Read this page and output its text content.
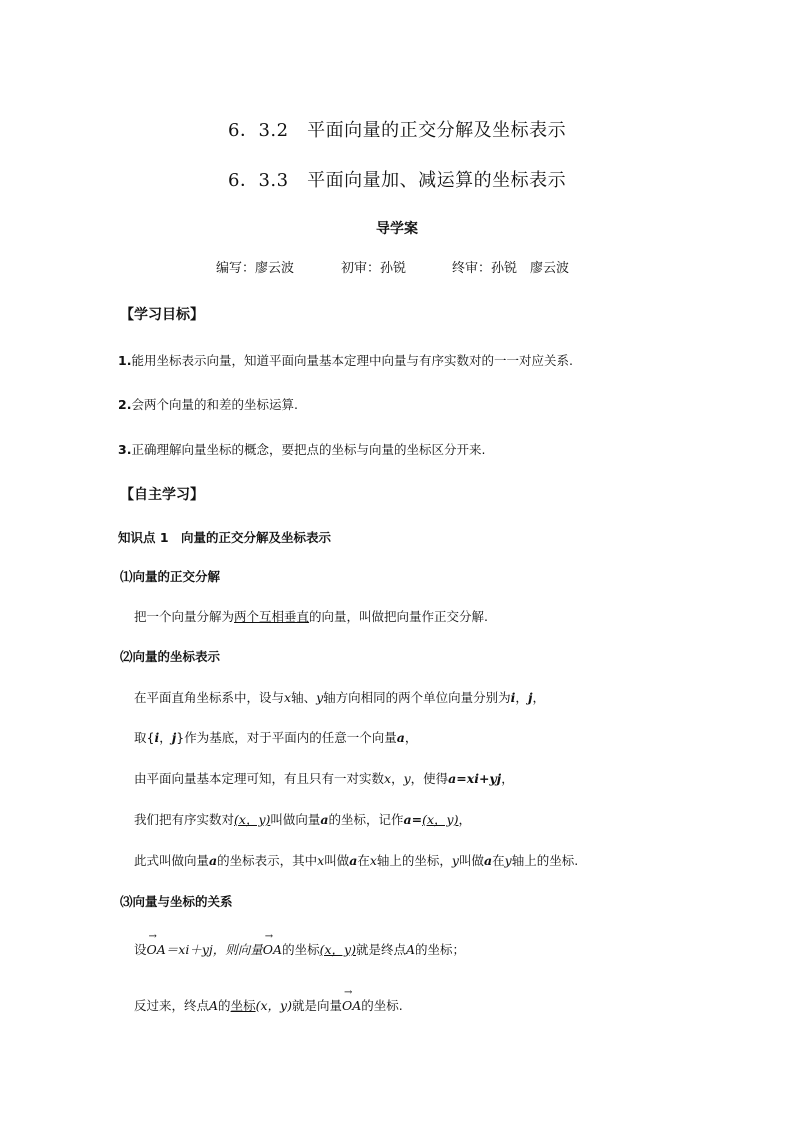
6．3.2　平面向量的正交分解及坐标表示
6．3.3　平面向量加、减运算的坐标表示
导学案
编写：廖云波	初审：孙锐	终审：孙锐　廖云波
【学习目标】
1.能用坐标表示向量，知道平面向量基本定理中向量与有序实数对的一一对应关系.
2.会两个向量的和差的坐标运算.
3.正确理解向量坐标的概念，要把点的坐标与向量的坐标区分开来.
【自主学习】
知识点 1　向量的正交分解及坐标表示
⑴向量的正交分解
把一个向量分解为两个互相垂直的向量，叫做把向量作正交分解.
⑵向量的坐标表示
在平面直角坐标系中，设与x轴、y轴方向相同的两个单位向量分别为i，j，
取{i，j}作为基底，对于平面内的任意一个向量a，
由平面向量基本定理可知，有且只有一对实数x，y，使得a=xi+yj，
我们把有序实数对(x，y)叫做向量a的坐标，记作a=(x，y)，
此式叫做向量a的坐标表示，其中x叫做a在x轴上的坐标，y叫做a在y轴上的坐标.
⑶向量与坐标的关系
设→ OA＝xi＋yj，则向量→ OA的坐标(x，y)就是终点A的坐标；
反过来，终点A的坐标(x，y)就是向量→ OA的坐标.
